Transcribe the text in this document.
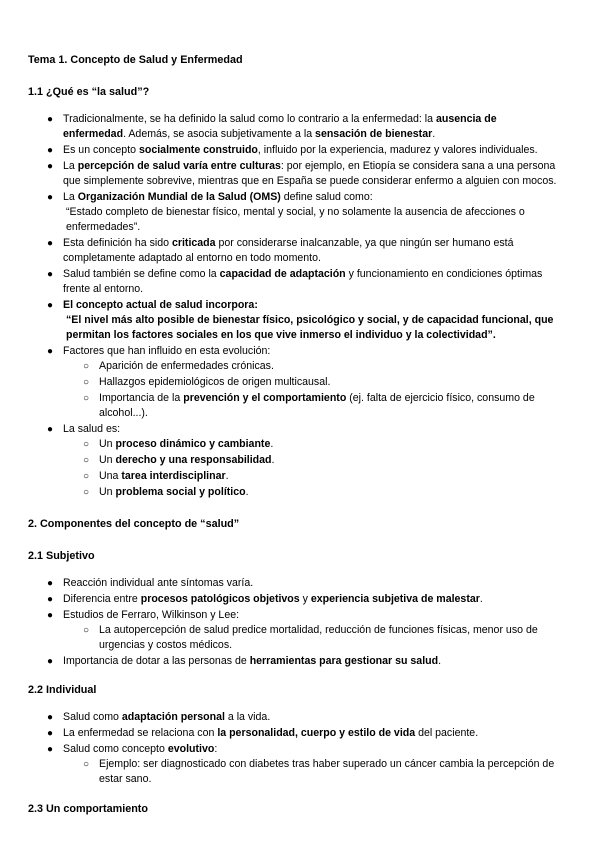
Tema 1. Concepto de Salud y Enfermedad
1.1 ¿Qué es “la salud”?
● Tradicionalmente, se ha definido la salud como lo contrario a la enfermedad: la ausencia de enfermedad. Además, se asocia subjetivamente a la sensación de bienestar.
● Es un concepto socialmente construido, influido por la experiencia, madurez y valores individuales.
● La percepción de salud varía entre culturas: por ejemplo, en Etiopía se considera sana a una persona que simplemente sobrevive, mientras que en España se puede considerar enfermo a alguien con mocos.
● La Organización Mundial de la Salud (OMS) define salud como:
“Estado completo de bienestar físico, mental y social, y no solamente la ausencia de afecciones o enfermedades”.
● Esta definición ha sido criticada por considerarse inalcanzable, ya que ningún ser humano está completamente adaptado al entorno en todo momento.
● Salud también se define como la capacidad de adaptación y funcionamiento en condiciones óptimas frente al entorno.
● El concepto actual de salud incorpora:
“El nivel más alto posible de bienestar físico, psicológico y social, y de capacidad funcional, que permitan los factores sociales en los que vive inmerso el individuo y la colectividad”.
● Factores que han influido en esta evolución:
○ Aparición de enfermedades crónicas.
○ Hallazgos epidemiológicos de origen multicausal.
○ Importancia de la prevención y el comportamiento (ej. falta de ejercicio físico, consumo de alcohol...).
● La salud es:
○ Un proceso dinámico y cambiante.
○ Un derecho y una responsabilidad.
○ Una tarea interdisciplinar.
○ Un problema social y político.
2. Componentes del concepto de “salud”
2.1 Subjetivo
● Reacción individual ante síntomas varía.
● Diferencia entre procesos patológicos objetivos y experiencia subjetiva de malestar.
● Estudios de Ferraro, Wilkinson y Lee:
○ La autopercepción de salud predice mortalidad, reducción de funciones físicas, menor uso de urgencias y costos médicos.
● Importancia de dotar a las personas de herramientas para gestionar su salud.
2.2 Individual
● Salud como adaptación personal a la vida.
● La enfermedad se relaciona con la personalidad, cuerpo y estilo de vida del paciente.
● Salud como concepto evolutivo:
○ Ejemplo: ser diagnosticado con diabetes tras haber superado un cáncer cambia la percepción de estar sano.
2.3 Un comportamiento
